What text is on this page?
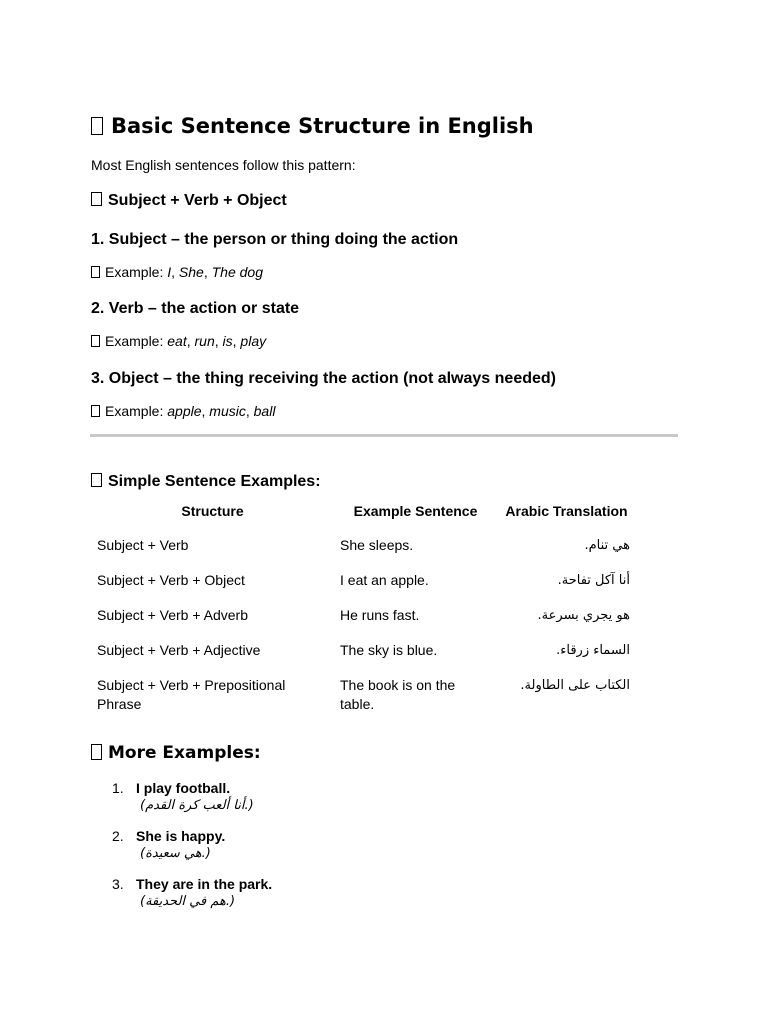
Basic Sentence Structure in English
Most English sentences follow this pattern:
Subject + Verb + Object
1. Subject – the person or thing doing the action
Example: I, She, The dog
2. Verb – the action or state
Example: eat, run, is, play
3. Object – the thing receiving the action (not always needed)
Example: apple, music, ball
Simple Sentence Examples:
Structure	Example Sentence	Arabic Translation
Subject + Verb	She sleeps.	هي تنام.
Subject + Verb + Object	I eat an apple.	أنا آكل تفاحة.
Subject + Verb + Adverb	He runs fast.	هو يجري بسرعة.
Subject + Verb + Adjective	The sky is blue.	السماء زرقاء.
Subject + Verb + Prepositional Phrase	The book is on the table.	الكتاب على الطاولة.
More Examples:
1. I play football.
(أنا ألعب كرة القدم.)
2. She is happy.
(هي سعيدة.)
3. They are in the park.
(هم في الحديقة.)
